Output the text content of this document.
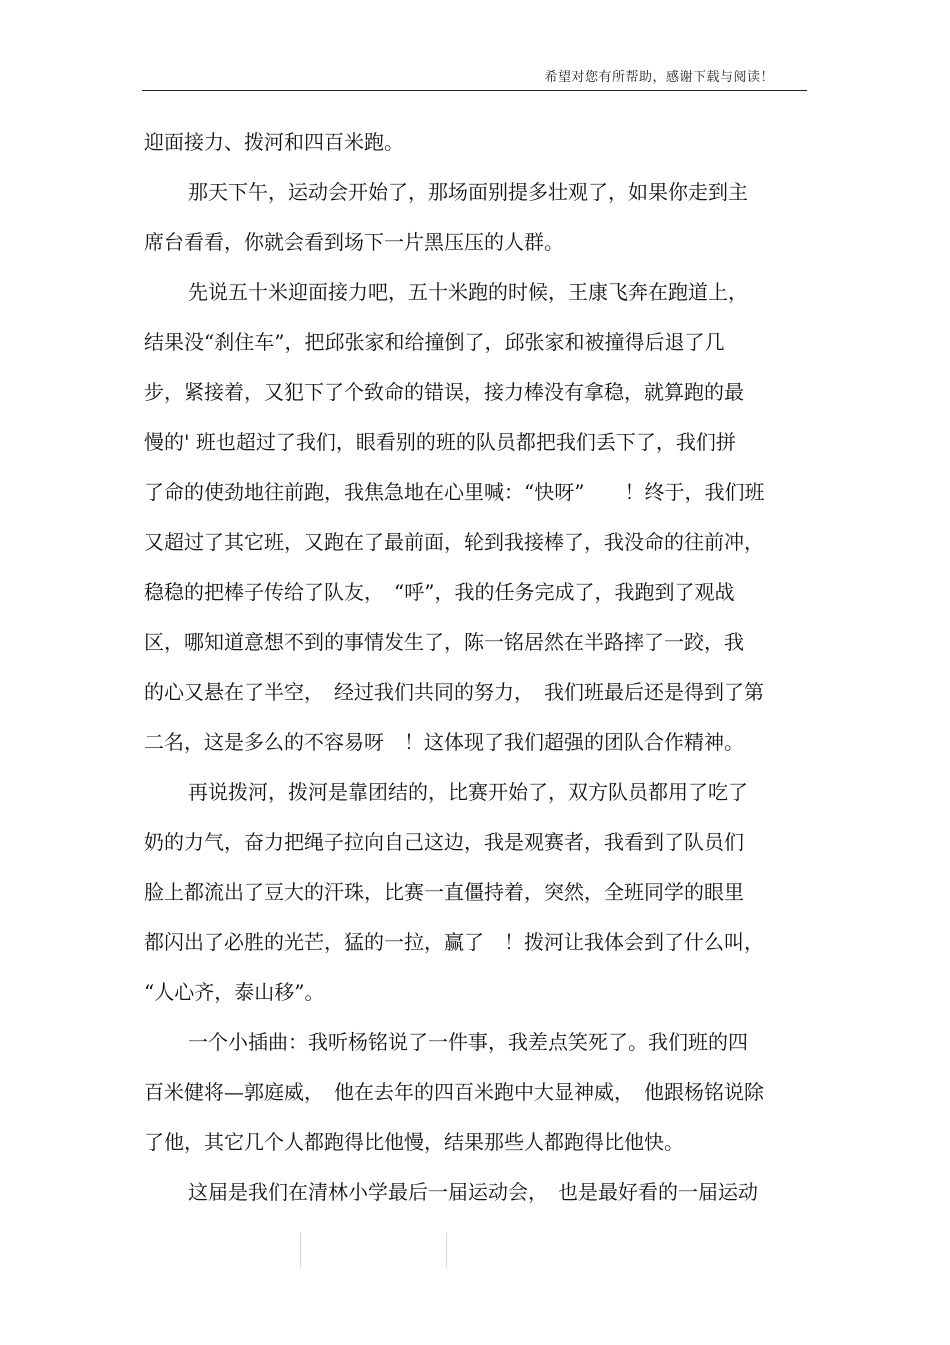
希望对您有所帮助，感谢下载与阅读！
迎面接力、拨河和四百米跑。
那天下午，运动会开始了，那场面别提多壮观了，如果你走到主
席台看看，你就会看到场下一片黑压压的人群。
先说五十米迎面接力吧，五十米跑的时候，王康飞奔在跑道上，
结果没“刹住车”，把邱张家和给撞倒了，邱张家和被撞得后退了几
步，紧接着，又犯下了个致命的错误，接力棒没有拿稳，就算跑的最
慢的' 班也超过了我们，眼看别的班的队员都把我们丢下了，我们拼
了命的使劲地往前跑，我焦急地在心里喊：“快呀”　　！终于，我们班
又超过了其它班，又跑在了最前面，轮到我接棒了，我没命的往前冲，
稳稳的把棒子传给了队友，　“呼”，我的任务完成了，我跑到了观战
区，哪知道意想不到的事情发生了，陈一铭居然在半路摔了一跤，我
的心又悬在了半空，　经过我们共同的努力，　我们班最后还是得到了第
二名，这是多么的不容易呀　！这体现了我们超强的团队合作精神。
再说拨河，拨河是靠团结的，比赛开始了，双方队员都用了吃了
奶的力气，奋力把绳子拉向自己这边，我是观赛者，我看到了队员们
脸上都流出了豆大的汗珠，比赛一直僵持着，突然，全班同学的眼里
都闪出了必胜的光芒，猛的一拉，赢了　！拨河让我体会到了什么叫，
“人心齐，泰山移”。
一个小插曲：我听杨铭说了一件事，我差点笑死了。我们班的四
百米健将—郭庭威，　他在去年的四百米跑中大显神威，　他跟杨铭说除
了他，其它几个人都跑得比他慢，结果那些人都跑得比他快。
这届是我们在清林小学最后一届运动会，　也是最好看的一届运动
